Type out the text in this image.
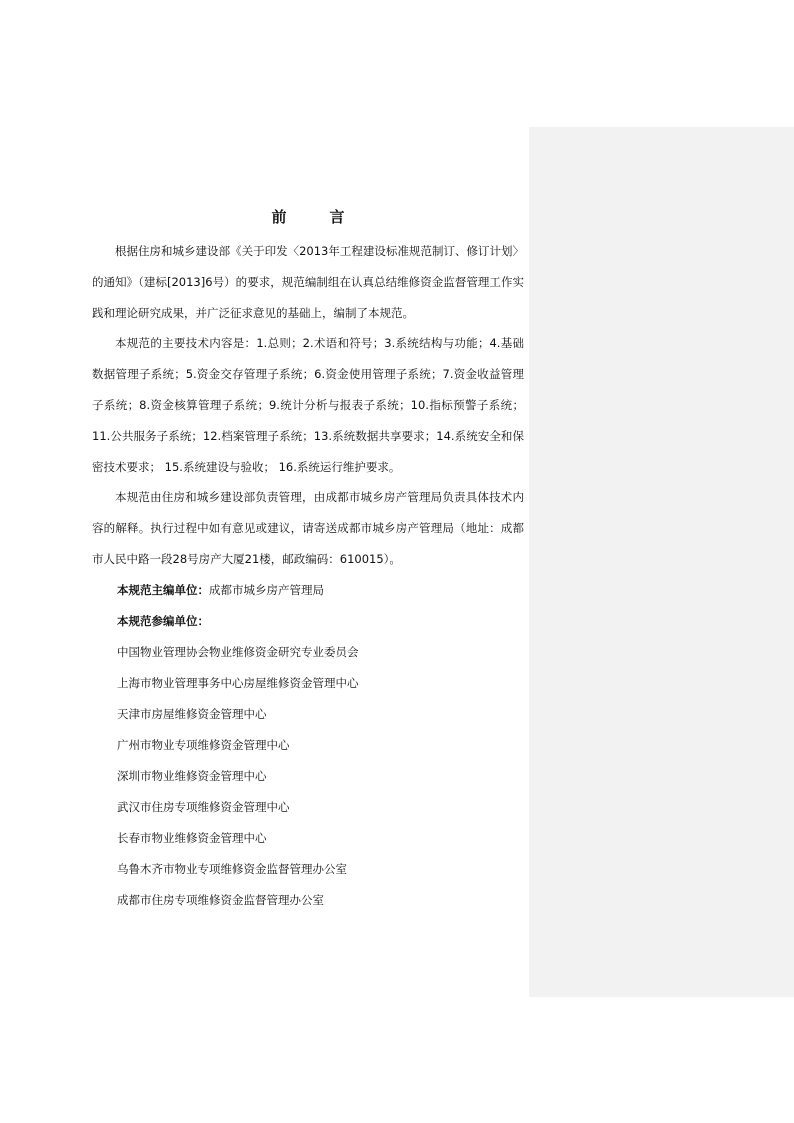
前　言

根据住房和城乡建设部《关于印发〈2013年工程建设标准规范制订、修订计划〉的通知》（建标[2013]6号）的要求，规范编制组在认真总结维修资金监督管理工作实践和理论研究成果，并广泛征求意见的基础上，编制了本规范。

本规范的主要技术内容是：1.总则；2.术语和符号；3.系统结构与功能；4.基础数据管理子系统；5.资金交存管理子系统；6.资金使用管理子系统；7.资金收益管理子系统；8.资金核算管理子系统；9.统计分析与报表子系统；10.指标预警子系统；11.公共服务子系统；12.档案管理子系统；13.系统数据共享要求；14.系统安全和保密技术要求； 15.系统建设与验收； 16.系统运行维护要求。

本规范由住房和城乡建设部负责管理，由成都市城乡房产管理局负责具体技术内容的解释。执行过程中如有意见或建议，请寄送成都市城乡房产管理局（地址：成都市人民中路一段28号房产大厦21楼，邮政编码：610015）。

本规范主编单位：成都市城乡房产管理局
本规范参编单位：
中国物业管理协会物业维修资金研究专业委员会
上海市物业管理事务中心房屋维修资金管理中心
天津市房屋维修资金管理中心
广州市物业专项维修资金管理中心
深圳市物业维修资金管理中心
武汉市住房专项维修资金管理中心
长春市物业维修资金管理中心
乌鲁木齐市物业专项维修资金监督管理办公室
成都市住房专项维修资金监督管理办公室
